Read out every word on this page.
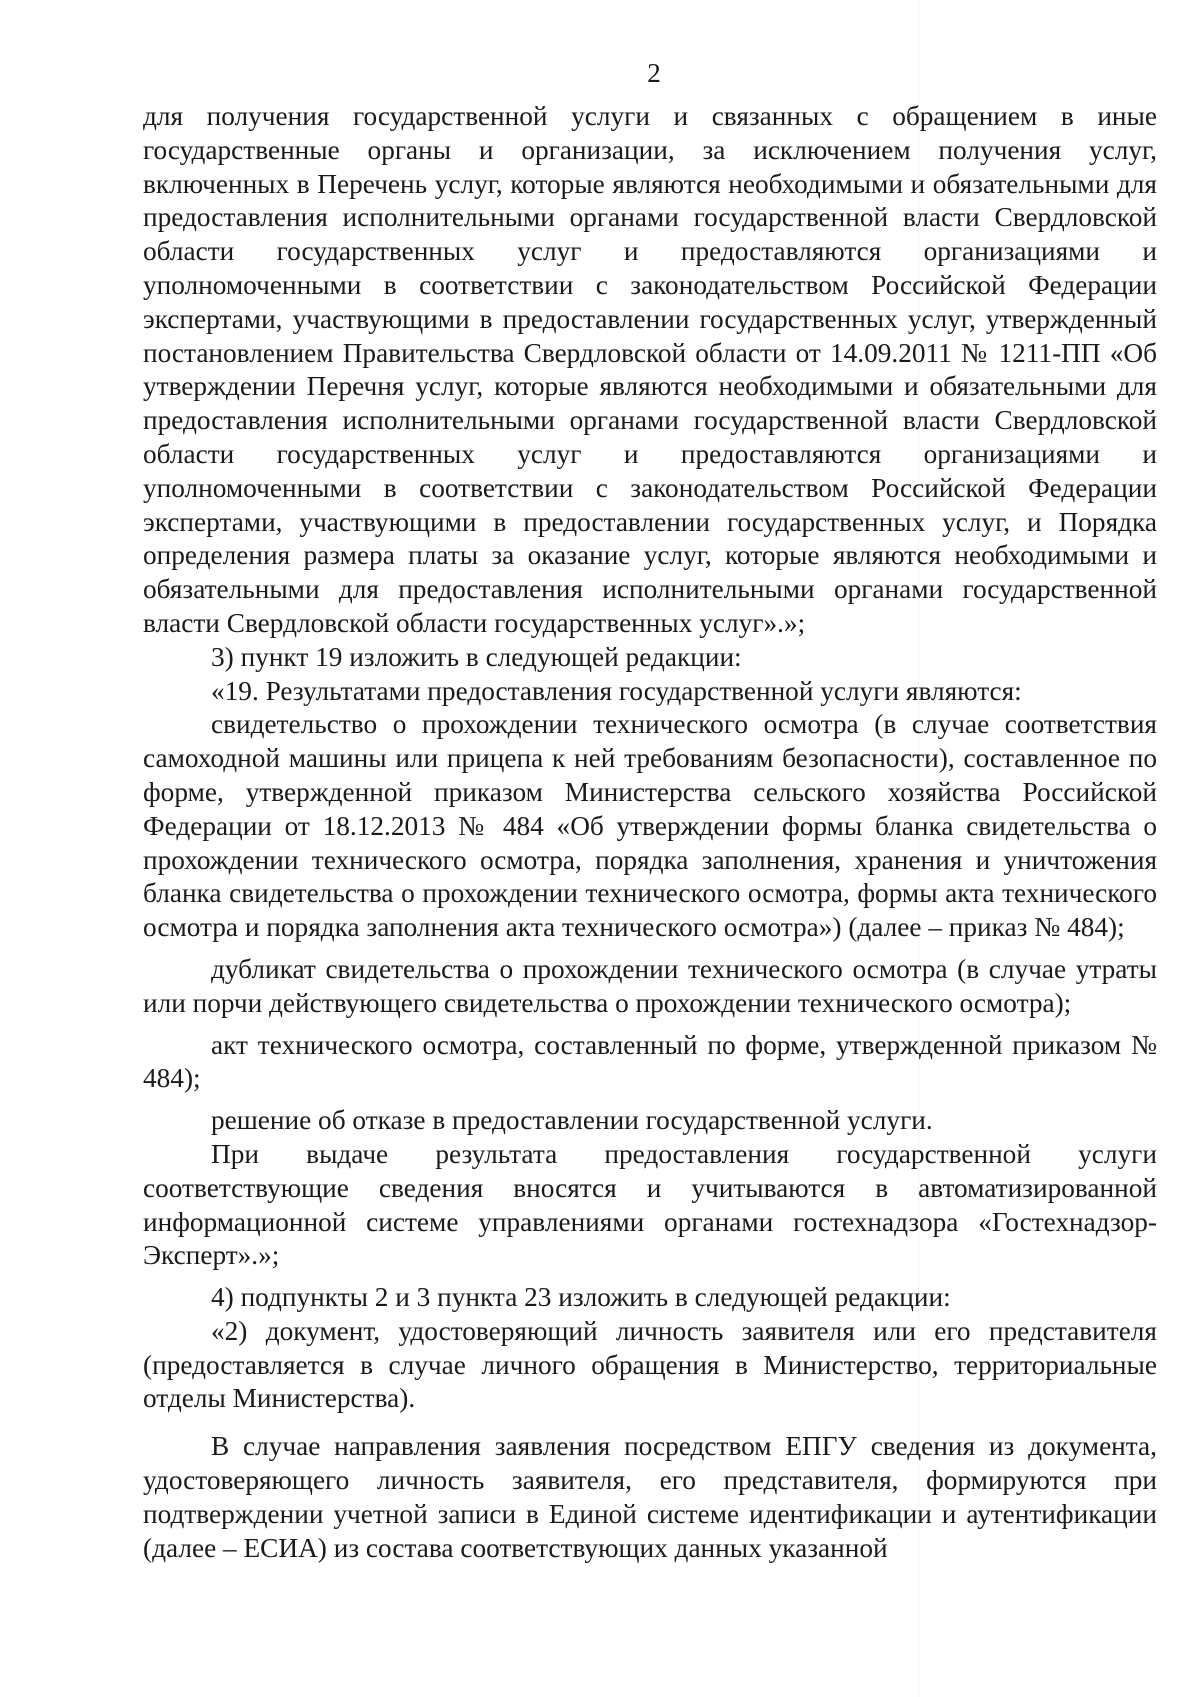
2

для получения государственной услуги и связанных с обращением в иные государственные органы и организации, за исключением получения услуг, включенных в Перечень услуг, которые являются необходимыми и обязательными для предоставления исполнительными органами государственной власти Свердловской области государственных услуг и предоставляются организациями и уполномоченными в соответствии с законодательством Российской Федерации экспертами, участвующими в предоставлении государственных услуг, утвержденный постановлением Правительства Свердловской области от 14.09.2011 № 1211-ПП «Об утверждении Перечня услуг, которые являются необходимыми и обязательными для предоставления исполнительными органами государственной власти Свердловской области государственных услуг и предоставляются организациями и уполномоченными в соответствии с законодательством Российской Федерации экспертами, участвующими в предоставлении государственных услуг, и Порядка определения размера платы за оказание услуг, которые являются необходимыми и обязательными для предоставления исполнительными органами государственной власти Свердловской области государственных услуг».»;

3) пункт 19 изложить в следующей редакции:

«19. Результатами предоставления государственной услуги являются:

свидетельство о прохождении технического осмотра (в случае соответствия самоходной машины или прицепа к ней требованиям безопасности), составленное по форме, утвержденной приказом Министерства сельского хозяйства Российской Федерации от 18.12.2013 № 484 «Об утверждении формы бланка свидетельства о прохождении технического осмотра, порядка заполнения, хранения и уничтожения бланка свидетельства о прохождении технического осмотра, формы акта технического осмотра и порядка заполнения акта технического осмотра») (далее – приказ № 484);

дубликат свидетельства о прохождении технического осмотра (в случае утраты или порчи действующего свидетельства о прохождении технического осмотра);

акт технического осмотра, составленный по форме, утвержденной приказом № 484);

решение об отказе в предоставлении государственной услуги.

При выдаче результата предоставления государственной услуги соответствующие сведения вносятся и учитываются в автоматизированной информационной системе управлениями органами гостехнадзора «Гостехнадзор-Эксперт».»;

4) подпункты 2 и 3 пункта 23 изложить в следующей редакции:

«2) документ, удостоверяющий личность заявителя или его представителя (предоставляется в случае личного обращения в Министерство, территориальные отделы Министерства).

В случае направления заявления посредством ЕПГУ сведения из документа, удостоверяющего личность заявителя, его представителя, формируются при подтверждении учетной записи в Единой системе идентификации и аутентификации (далее – ЕСИА) из состава соответствующих данных указанной
